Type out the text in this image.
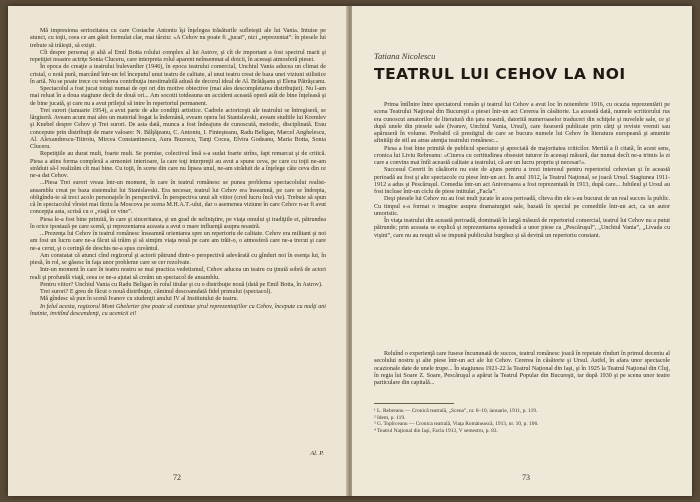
Mă impresiona seriozitatea cu care Costache Antoniu îşi înţelegea trăsăturile sufleteşti ale lui Vania. Intuise pe atunci, cu toţii, ceea ce am găsit formulat clar, mai târziu: «A Cehov nu poate fi „jucat”, nici „reprezentat”: în piesele lui trebuie să trăieşti, să exişti.

Cît despre personaj şi altă al Emil Botta rolului complex al lui Astrov, şi cît de important a fost spectrul marii şi repetiţiei noastre actriţe Sonia Cluceru, care interpreta rolul aparent neînsemnat al doicii, în aceeaşi atmosferă piesei.

În epoca de creaţie a teatrului bulevardier (1946), în epoca teatrului comercial, Unchiul Vania aducea un climat de cristal, o notă pură, marcând într-un fel începutul unui teatru de calitate, al unui teatru creat de baza unei viziuni stilistice în artă. Nu se poate trece cu vederea contribuţia inestimabilă adusă de decorul ideal de Al. Brătăşanu şi Elena Pătrăşcanu.

Spectacolul a fost jucat totuşi numai de opt ori din motive obiective (mai ales descompletarea distribuţiei). Nu l-am mai reluat în a doua stagiune decît de două ori... Am socotit totdeauna un accident această operă atât de bine înţeleasă şi de bine jucată, şi care nu a avut prilejul să intre în repertoriul permanent.

Trei surori (ianuarie 1954), a avut parte de alte condiţii artistice. Cadrele actoriceşti ale teatrului se întregiseră, se lărgiseră. Aveam acum mai ales un material bogat la îndemână, eveam opera lui Stanislavski, aveam studiile lui Kremlev şi Knebel despre Cehov şi Trei surori. De asta dată, munca a fost îndeajuns de cunoscută, metodic, disciplinată. Erau concepute prin distribuţii de mare valoare: N. Bălţăţeanu, C. Antoniu, I. Finteşteanu, Radu Beligan, Marcel Anghelescu, Al. Alexandrescu-Titiroiu, Mircea Constantinescu, Aura Buzescu, Tanţi Cocea, Elvira Godeanu, Maria Botta, Sonia Cluceru.

Repetiţiile au durat mult, foarte mult. Se pornise, colectivul însă s-a sudat foarte strîns, fapt remarcat şi de critică. Piesa a atins forma complexă a armoniei interioare, la care toţi interpreţii au avut a spune ceva, pe care cu toţii ne-am străduit să-l realizăm cît mai bine. Cu toţii, în scene din care nu lipsea unul, ne-am străduit de a înţelege câte ceva din ce ne-a dat Cehov.

...Piesa Trei surori vreau într-un moment, în care în teatrul românesc se punea problema spectacolului realist-ansamblu creat pe baza sistemului lui Stanislavski. Era necesar, teatrul lui Cehov era înseamnă, pe care se îndrepta, obligîndu-te să treci acolo personajele în perspectivă. În perspectiva unui alt viitor (cred lucru încă vie). Trebuie să spun că în spectacolul vîrstei mai tîrziu la Moscova pe scena M.H.A.T.-ului, dar o asemenea viziune în care Cehov n-ar fi avut concepţia asta, scrisă cu o „viaţă ce vine”.

Piesa le-a fost bine primită, în care şi sinceritatea, şi un grad de neliniştire, pe viaţa omului şi tradiţiile ei, pătrundea în orice ipostază pe care scenă, şi reprezentarea aceasta a avut o mare influenţă asupra noastră.

...Prezenţa lui Cehov în teatrul românesc înseamnă orientarea spre un repertoriu de calitate. Cehov era militant şi noi am fost un lucru care ne-a făcut să trăim şi să simţim viaţa nouă pe care am trăit-o, o atmosferă care ne-a trecut şi care ne-a cerut, şi o cerinţă de deschis ne-a spus cuvântul.

Am constatat că atunci cînd regizorul şi actorii pătrund dintr-o perspectivă adevărată cu gînduri noi în esenţa lui, în piesă, în rol, se găsesc în faţa unor probleme care se cer rezolvate.

Intr-un moment în care în teatru nostru se mai practica vedetismul, Cehov aducea un teatru cu ţinută sobră de actori reali şi profundă viaţă, ceea ce ne-a ajutat să creăm un spectacol de ansamblu.

Pentru viitor? Unchiul Vania cu Radu Beligan în rolul titular şi cu o distribuţie nouă (dată pe Emil Botta, în Astrov).

Trei surori? E greu de făcut o nouă distribuţie, căminul descoamdată fidel primului (spectacol).

Mă gîndesc să pun în scenă Ivanov cu studenţii anului IV al Institutului de teatru.

In felul acesta, regizorul Moni Ghelerter ţine poate să continue şirul reprezentaţiilor cu Cehov, începute cu mulţi ani înainte, invitînd descendenţi, cu ucenicii ei!

Al. P.
72
Tatiana Nicolescu
TEATRUL LUI CEHOV LA NOI

Prima întîlnire între spectatorul român şi teatrul lui Cehov a avut loc în noiembrie 1916, cu ocazia reprezentării pe scena Teatrului Naţional din Bucureşti a piesei într-un act Cererea în căsătorie. La această dată, numele scriitorului rus era cunoscut amatorilor de literatură din ţara noastră, datorită numeroaselor traduceri din schiţele şi nuvelele sale, ce şi după unele din piesele sale (Ivanov, Unchiul Vania, Ursul), care fuseseră publicate prin cărţi şi reviste vremii sau apăruseră în volume. Probabil că prestigiul de care se bucura numele lui Cehov în literatura europeană şi anumite afinităţi de stil au atras atenţia teatrului românesc...

Piesa a fost bine primită de publicul spectator şi apreciată de majoritatea criticilor. Merită a fi citată, în acest sens, cronica lui Liviu Rebreanu: «Cineva cu certitudinea obsesiei tuturor în aceeaşi măsură, dar numai decît ne-a trimis la zi care a convins mai întîi această calitate a teatrului, că are un lucru propriu şi necesar!».

Succesul Cererii în căsătorie nu este de ajuns pentru a trezi interesul pentru repertoriul cehovian şi în această perioadă au fost şi alte spectacole cu piese într-un act. În anul 1912, la Teatrul Naţional, se joacă Ursul. Stagiunea 1911-1912 a adus şi Pescăruşul. Comedia într-un act Aniversarea a fost reprezentată în 1913, după care... Jubileul şi Ursul au fost incluse într-un ciclu de piese intitulat „Facla”.

Deşi piesele lui Cehov nu au fost mult jucate în acea perioadă, cîteva din ele s-au bucurat de un real succes la public. Cu timpul s-a format o imagine asupra dramaturgiei sale, bazată în special pe comediile într-un act, ca un autor umoristic.

În viaţa teatrului din această perioadă, dominată în largă măsură de repertoriul comercial, teatrul lui Cehov nu a putut pătrunde; prin aceasta se explică şi reprezentarea sporadică a unor piese ca „Pescăruşul”, „Unchiul Vania”, „Livada cu vişini”, care nu au reuşit să se impună publicului burghez şi să devină un repertoriu constant.

Reluînd o experienţă care fusese încununată de succes, teatrul românesc joacă în repetate rînduri în primul deceniu al secolului nostru şi alte piese într-un act ale lui Cehov. Cererea în căsătorie şi Ursul. Astfel, în afara unor spectacole ocazionale date de unele trupe... În stagiunea 1921-22 la Teatrul Naţional din Iaşi, şi în 1925 la Teatrul Naţional din Cluj, în regia lui Soare Z. Soare, Pescăruşul a apărut la Teatrul Popular din Bucureşti, iar după 1930 şi pe scena unor teatre particulare din capitală...

¹ L. Rebreanu — Cronică teatrală, „Scena”, nr. 8–10, ianuarie, 1911, p. 119.
² Idem, p. 119.
³ G. Topîrceanu — Cronica teatrală, Viaţa Românească, 1913, nr. 10, p. 106.
⁴ Teatrul Naţional din Iaşi, Facla 1913, V semestru, p. 83.
73
